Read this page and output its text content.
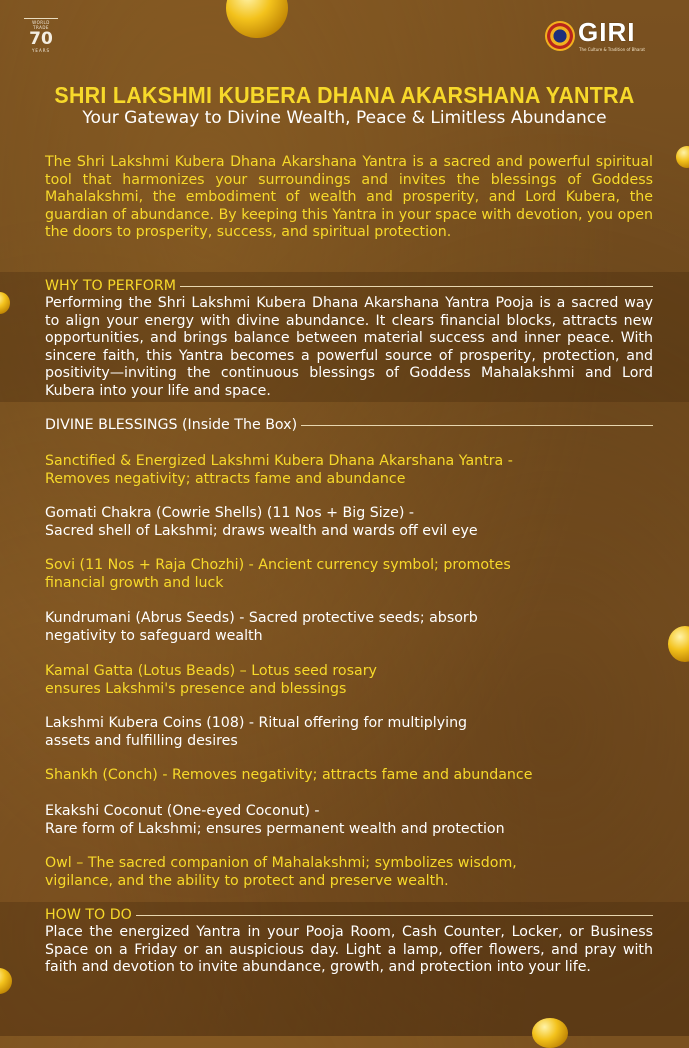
WORLD TRADE
70
YEARS
GIRI
The Culture & Tradition of Bharat
SHRI LAKSHMI KUBERA DHANA AKARSHANA YANTRA
Your Gateway to Divine Wealth, Peace & Limitless Abundance
The Shri Lakshmi Kubera Dhana Akarshana Yantra is a sacred and powerful spiritual tool that harmonizes your surroundings and invites the blessings of Goddess Mahalakshmi, the embodiment of wealth and prosperity, and Lord Kubera, the guardian of abundance. By keeping this Yantra in your space with devotion, you open the doors to prosperity, success, and spiritual protection.
WHY TO PERFORM
Performing the Shri Lakshmi Kubera Dhana Akarshana Yantra Pooja is a sacred way to align your energy with divine abundance. It clears financial blocks, attracts new opportunities, and brings balance between material success and inner peace. With sincere faith, this Yantra becomes a powerful source of prosperity, protection, and positivity—inviting the continuous blessings of Goddess Mahalakshmi and Lord Kubera into your life and space.
DIVINE BLESSINGS (Inside The Box)
Sanctified & Energized Lakshmi Kubera Dhana Akarshana Yantra -
Removes negativity; attracts fame and abundance
Gomati Chakra (Cowrie Shells) (11 Nos + Big Size) -
Sacred shell of Lakshmi; draws wealth and wards off evil eye
Sovi (11 Nos + Raja Chozhi) - Ancient currency symbol; promotes
financial growth and luck
Kundrumani (Abrus Seeds) - Sacred protective seeds; absorb
negativity to safeguard wealth
Kamal Gatta (Lotus Beads) – Lotus seed rosary
ensures Lakshmi's presence and blessings
Lakshmi Kubera Coins (108) - Ritual offering for multiplying
assets and fulfilling desires
Shankh (Conch) - Removes negativity; attracts fame and abundance
Ekakshi Coconut (One-eyed Coconut) -
Rare form of Lakshmi; ensures permanent wealth and protection
Owl – The sacred companion of Mahalakshmi; symbolizes wisdom,
vigilance, and the ability to protect and preserve wealth.
HOW TO DO
Place the energized Yantra in your Pooja Room, Cash Counter, Locker, or Business Space on a Friday or an auspicious day. Light a lamp, offer flowers, and pray with faith and devotion to invite abundance, growth, and protection into your life.
